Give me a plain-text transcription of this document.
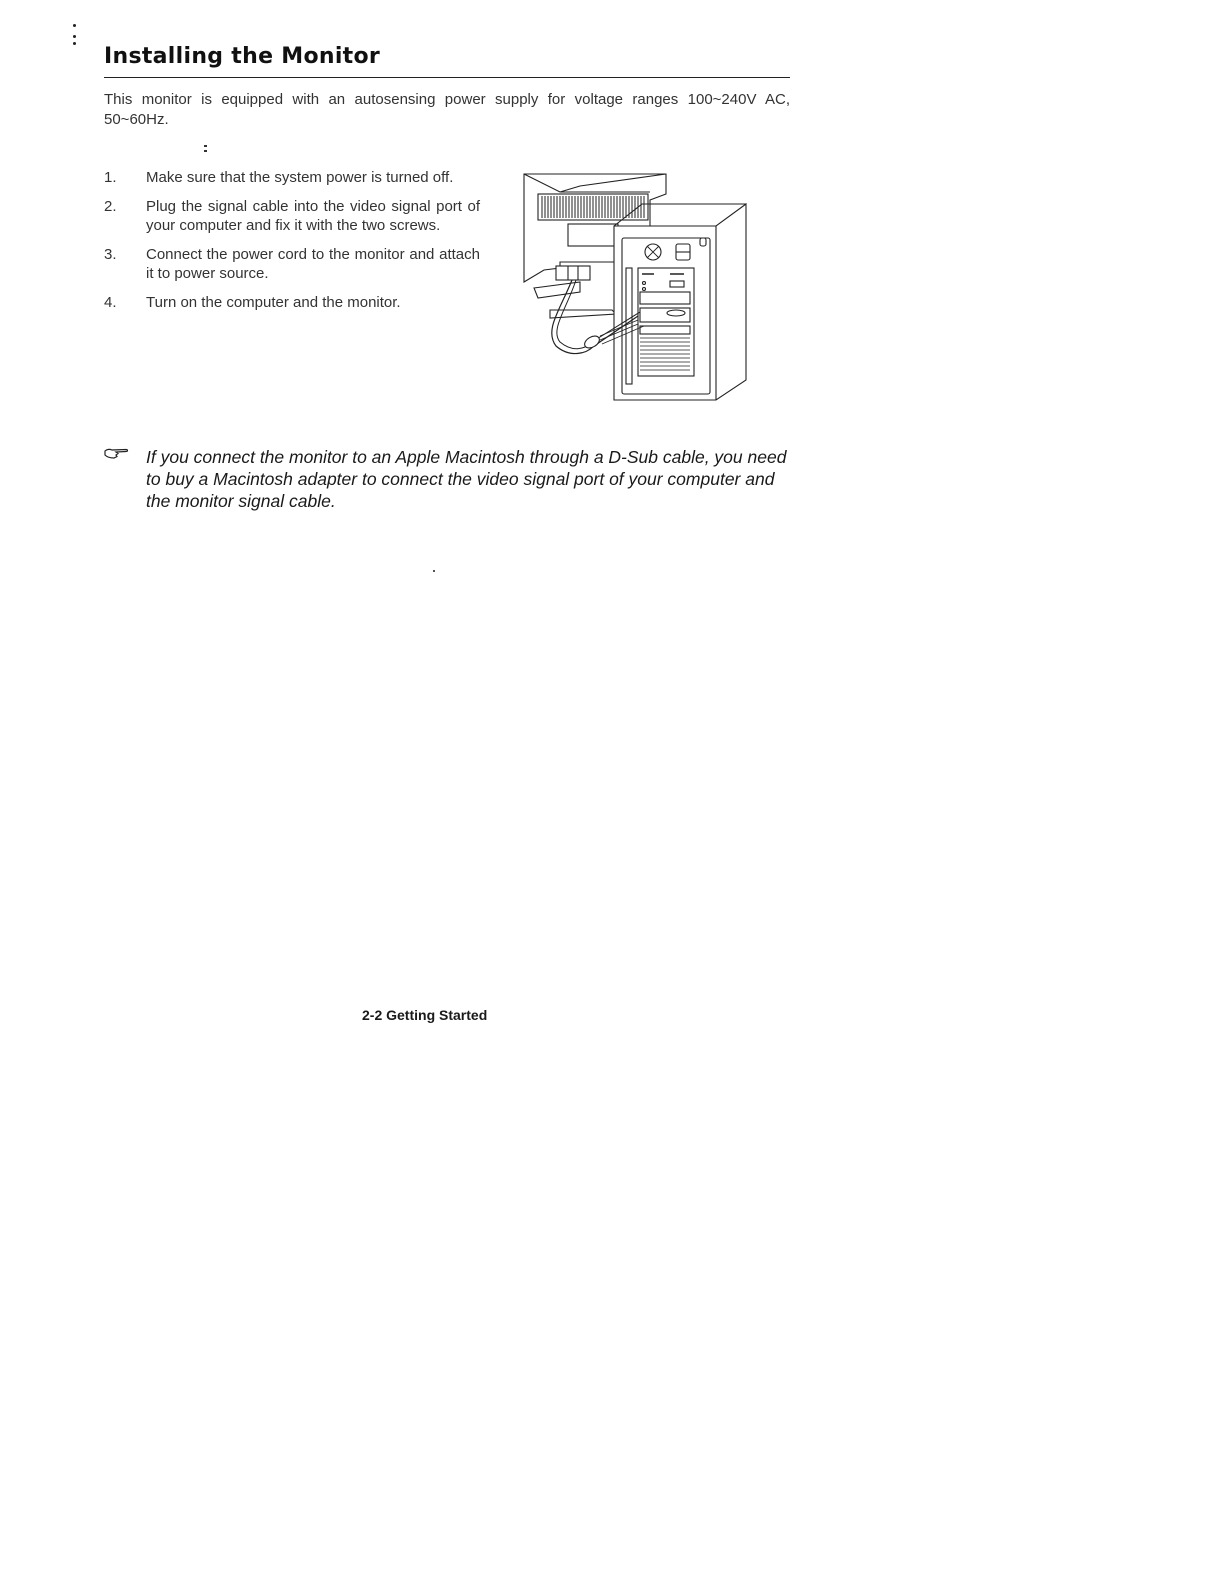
Installing the Monitor
This monitor is equipped with an autosensing power supply for voltage ranges 100~240V AC, 50~60Hz.
1. Make sure that the system power is turned off.
2. Plug the signal cable into the video signal port of your computer and fix it with the two screws.
3. Connect the power cord to the monitor and attach it to power source.
4. Turn on the computer and the monitor.
If you connect the monitor to an Apple Macintosh through a D-Sub cable, you need to buy a Macintosh adapter to connect the video signal port of your computer and the monitor signal cable.
2-2 Getting Started
